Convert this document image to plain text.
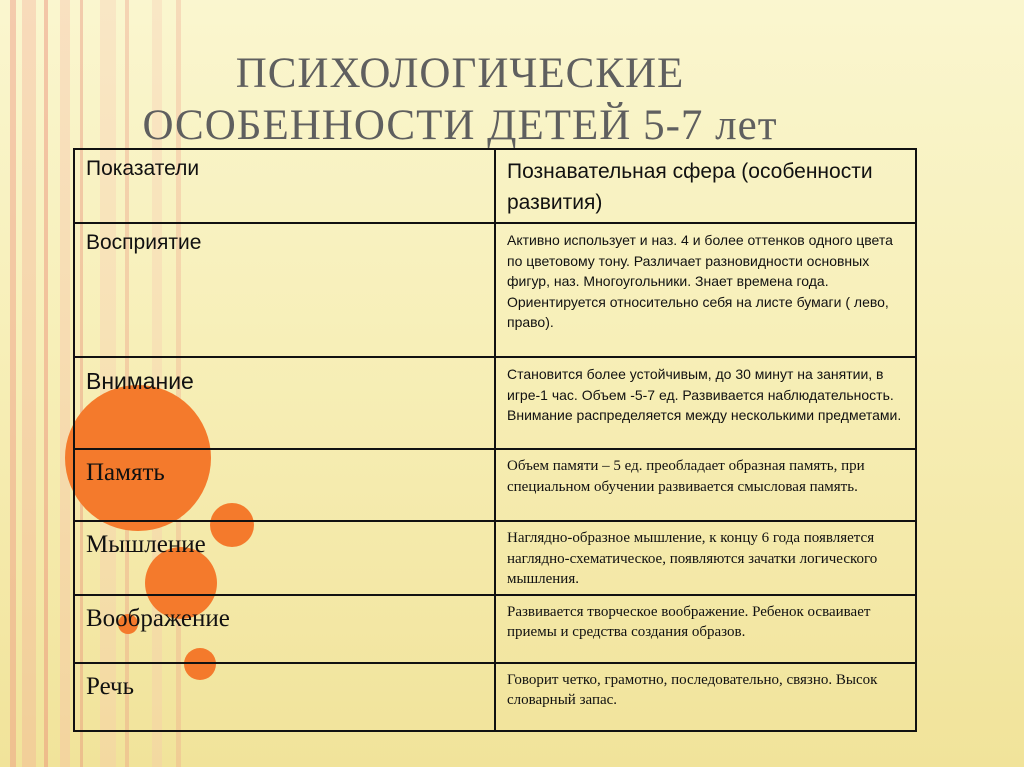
ПСИХОЛОГИЧЕСКИЕ
ОСОБЕННОСТИ ДЕТЕЙ 5-7 лет
Показатели	Познавательная сфера (особенности развития)
Восприятие	Активно использует и наз. 4 и более оттенков одного цвета по цветовому тону. Различает разновидности основных фигур, наз. Многоугольники. Знает времена года. Ориентируется относительно себя на листе бумаги ( лево, право).
Внимание	Становится более устойчивым, до 30 минут на занятии, в игре-1 час. Объем -5-7 ед. Развивается наблюдательность. Внимание распределяется между несколькими предметами.
Память	Объем памяти – 5 ед. преобладает образная память, при специальном обучении развивается смысловая память.
Мышление	Наглядно-образное мышление, к концу 6 года появляется наглядно-схематическое, появляются зачатки логического мышления.
Воображение	Развивается творческое воображение. Ребенок осваивает приемы и средства создания образов.
Речь	Говорит четко, грамотно, последовательно, связно. Высок словарный запас.
